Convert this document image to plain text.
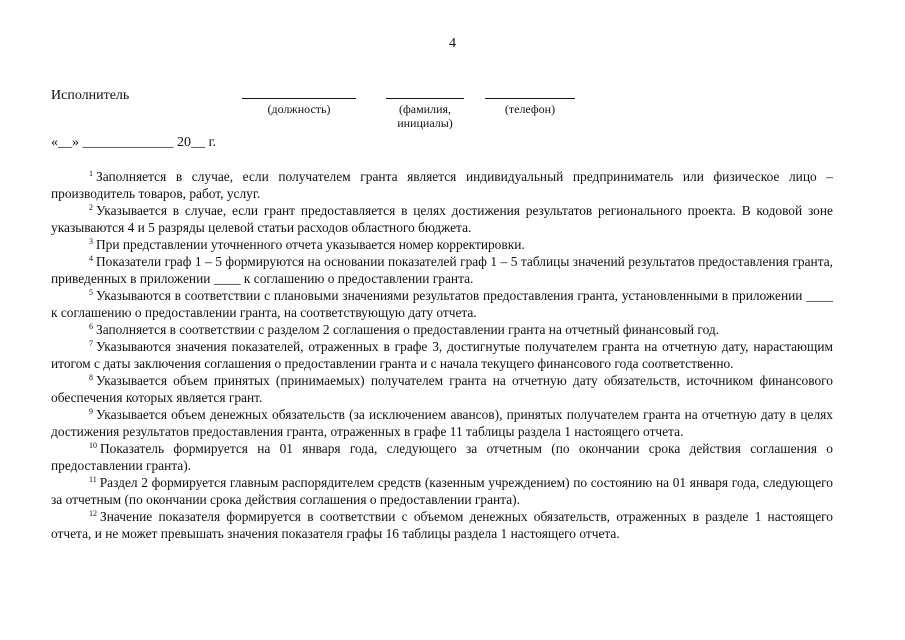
4
Исполнитель
(должность)	(фамилия, инициалы)
(телефон)
«__» _____________ 20__ г.

$^1$ Заполняется в случае, если получателем гранта является индивидуальный предприниматель или физическое лицо – производитель товаров, работ, услуг.

$^2$ Указывается в случае, если грант предоставляется в целях достижения результатов регионального проекта. В кодовой зоне указываются 4 и 5 разряды целевой статьи расходов областного бюджета.

$^3$ При представлении уточненного отчета указывается номер корректировки.

$^4$ Показатели граф 1 – 5 формируются на основании показателей граф 1 – 5 таблицы значений результатов предоставления гранта, приведенных в приложении ____ к соглашению о предоставлении гранта.

$^5$ Указываются в соответствии с плановыми значениями результатов предоставления гранта, установленными в приложении ____ к соглашению о предоставлении гранта, на соответствующую дату отчета.

$^6$ Заполняется в соответствии с разделом 2 соглашения о предоставлении гранта на отчетный финансовый год.

$^7$ Указываются значения показателей, отраженных в графе 3, достигнутые получателем гранта на отчетную дату, нарастающим итогом с даты заключения соглашения о предоставлении гранта и с начала текущего финансового года соответственно.

$^8$ Указывается объем принятых (принимаемых) получателем гранта на отчетную дату обязательств, источником финансового обеспечения которых является грант.

$^9$ Указывается объем денежных обязательств (за исключением авансов), принятых получателем гранта на отчетную дату в целях достижения результатов предоставления гранта, отраженных в графе 11 таблицы раздела 1 настоящего отчета.

$^{10}$ Показатель формируется на 01 января года, следующего за отчетным (по окончании срока действия соглашения о предоставлении гранта).

$^{11}$ Раздел 2 формируется главным распорядителем средств (казенным учреждением) по состоянию на 01 января года, следующего за отчетным (по окончании срока действия соглашения о предоставлении гранта).

$^{12}$ Значение показателя формируется в соответствии с объемом денежных обязательств, отраженных в разделе 1 настоящего отчета, и не может превышать значения показателя графы 16 таблицы раздела 1 настоящего отчета.
